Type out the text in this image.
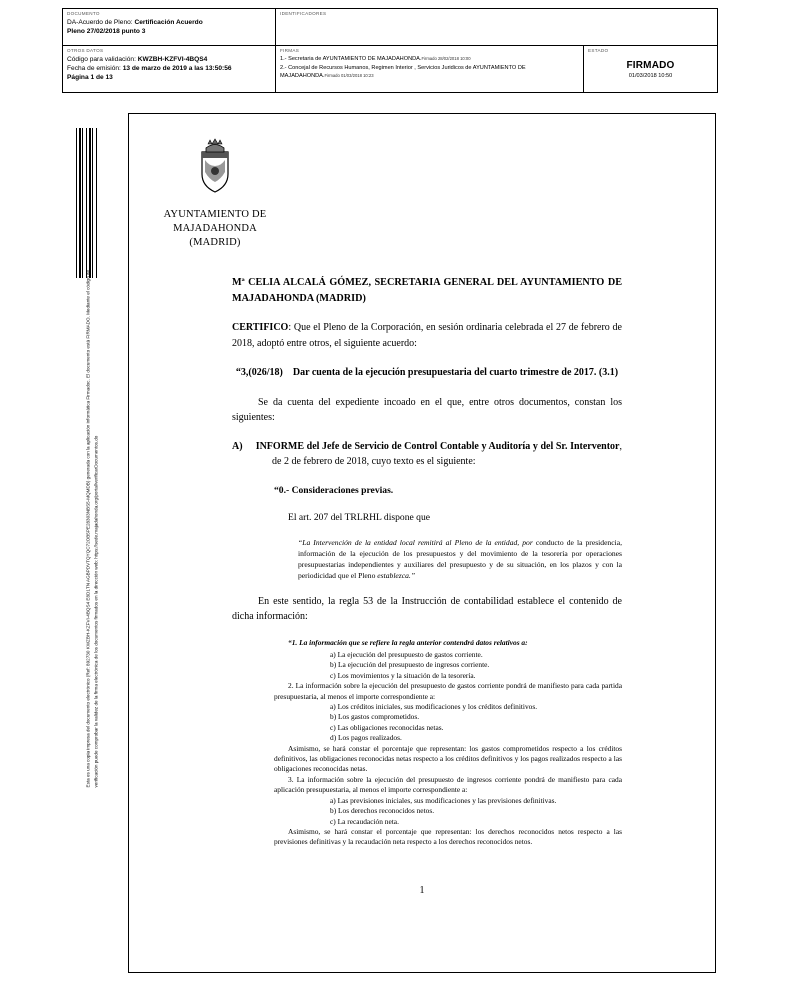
DOCUMENTO
DA-Acuerdo de Pleno: Certificación Acuerdo
Pleno 27/02/2018 punto 3
IDENTIFICADORES
OTROS DATOS
Código para validación: KWZBH-KZFVI-4BQS4
Fecha de emisión: 13 de marzo de 2019 a las 13:50:56
Página 1 de 13
FIRMAS
1.- Secretaria de AYUNTAMIENTO DE MAJADAHONDA.Firmado 28/02/2018 10:00
2.- Concejal de Recursos Humanos, Regimen Interior , Servicios Juridicos de AYUNTAMIENTO DE MAJADAHONDA.Firmado 01/03/2018 10:23
ESTADO
FIRMADO
01/03/2018 10:50
Esta es una copia impresa del documento electrónico (Ref: 892730 KWZBH-KZFVI-4BQS4 E8D1TN AGBPDVTQYQC72OB5PE28303NBS5-MQMDB) generada con la aplicación informática Firmadoc. El documento está FIRMADO. Mediante el código de verificación puede comprobar la validez de la firma electrónica de los documentos firmados en la dirección web: https://sede.majadahonda.org/portal/verificarDocumentos.do
AYUNTAMIENTO DE
MAJADAHONDA
(MADRID)

Mª CELIA ALCALÁ GÓMEZ, SECRETARIA GENERAL DEL AYUNTAMIENTO DE MAJADAHONDA (MADRID)

CERTIFICO: Que el Pleno de la Corporación, en sesión ordinaria celebrada el 27 de febrero de 2018, adoptó entre otros, el siguiente acuerdo:

“3,(026/18) Dar cuenta de la ejecución presupuestaria del cuarto trimestre de 2017. (3.1)

Se da cuenta del expediente incoado en el que, entre otros documentos, constan los siguientes:

A) INFORME del Jefe de Servicio de Control Contable y Auditoría y del Sr. Interventor, de 2 de febrero de 2018, cuyo texto es el siguiente:

“0.- Consideraciones previas.

El art. 207 del TRLRHL dispone que

“La Intervención de la entidad local remitirá al Pleno de la entidad, por conducto de la presidencia, información de la ejecución de los presupuestos y del movimiento de la tesorería por operaciones presupuestarias independientes y auxiliares del presupuesto y de su situación, en los plazos y con la periodicidad que el Pleno establezca.”

En este sentido, la regla 53 de la Instrucción de contabilidad establece el contenido de dicha información:

“1. La información que se refiere la regla anterior contendrá datos relativos a:

a) La ejecución del presupuesto de gastos corriente.

b) La ejecución del presupuesto de ingresos corriente.

c) Los movimientos y la situación de la tesorería.

2. La información sobre la ejecución del presupuesto de gastos corriente pondrá de manifiesto para cada partida presupuestaria, al menos el importe correspondiente a:

a) Los créditos iniciales, sus modificaciones y los créditos definitivos.

b) Los gastos comprometidos.

c) Las obligaciones reconocidas netas.

d) Los pagos realizados.

Asimismo, se hará constar el porcentaje que representan: los gastos comprometidos respecto a los créditos definitivos, las obligaciones reconocidas netas respecto a los créditos definitivos y los pagos realizados respecto a las obligaciones reconocidas netas.

3. La información sobre la ejecución del presupuesto de ingresos corriente pondrá de manifiesto para cada aplicación presupuestaria, al menos el importe correspondiente a:

a) Las previsiones iniciales, sus modificaciones y las previsiones definitivas.

b) Los derechos reconocidos netos.

c) La recaudación neta.

Asimismo, se hará constar el porcentaje que representan: los derechos reconocidos netos respecto a las previsiones definitivas y la recaudación neta respecto a los derechos reconocidos netos.

1
